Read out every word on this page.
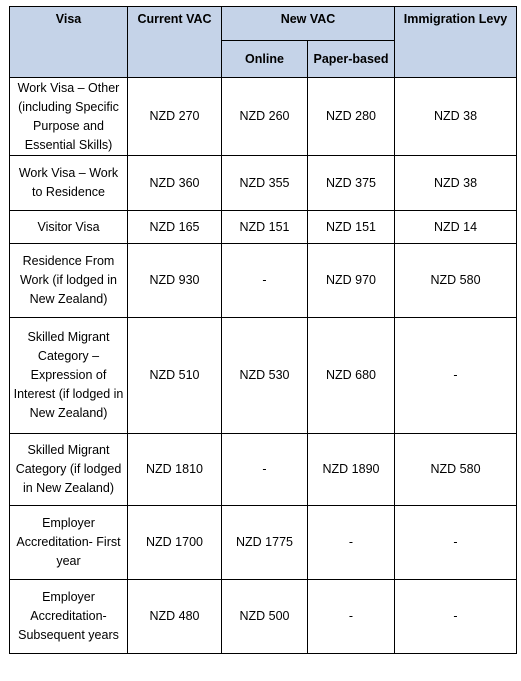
Visa	Current VAC	New VAC		Immigration Levy
		Online	Paper-based	
Work Visa – Other (including Specific Purpose and Essential Skills)	NZD 270	NZD 260	NZD 280	NZD 38
Work Visa – Work to Residence	NZD 360	NZD 355	NZD 375	NZD 38
Visitor Visa	NZD 165	NZD 151	NZD 151	NZD 14
Residence From Work (if lodged in New Zealand)	NZD 930	-	NZD 970	NZD 580
Skilled Migrant Category – Expression of Interest (if lodged in New Zealand)	NZD 510	NZD 530	NZD 680	-
Skilled Migrant Category (if lodged in New Zealand)	NZD 1810	-	NZD 1890	NZD 580
Employer Accreditation- First year	NZD 1700	NZD 1775	-	-
Employer Accreditation-Subsequent years	NZD 480	NZD 500	-	-
